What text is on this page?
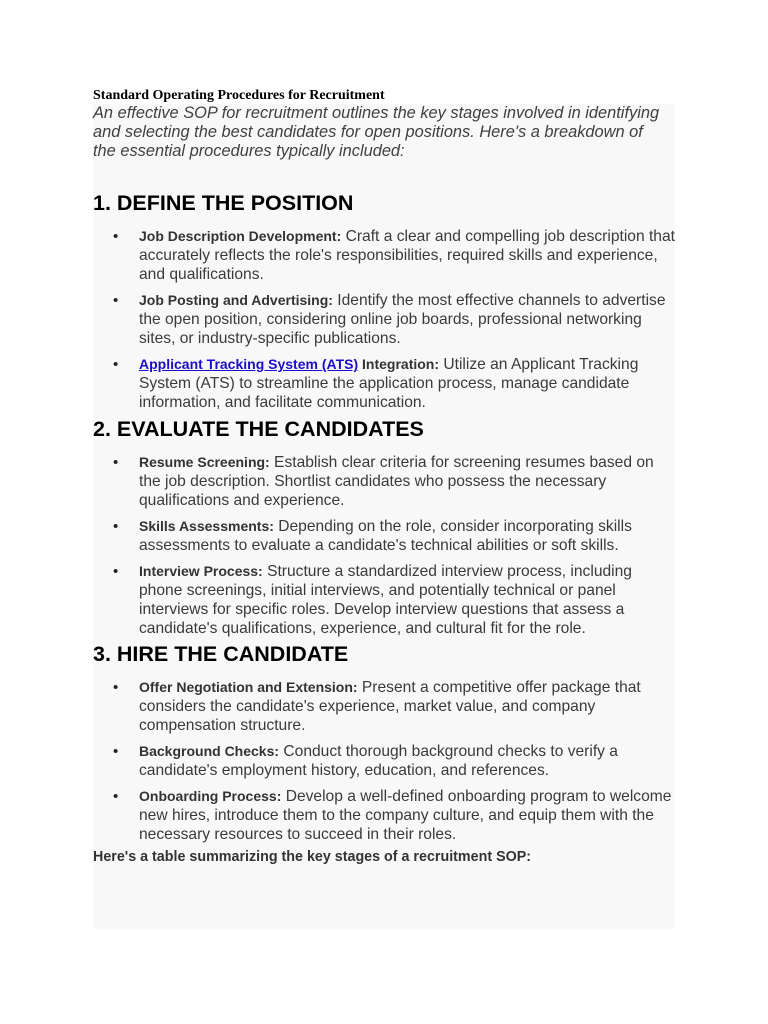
Standard Operating Procedures for Recruitment

An effective SOP for recruitment outlines the key stages involved in identifying and selecting the best candidates for open positions. Here's a breakdown of the essential procedures typically included:

1. DEFINE THE POSITION
• Job Description Development: Craft a clear and compelling job description that accurately reflects the role's responsibilities, required skills and experience, and qualifications.
• Job Posting and Advertising: Identify the most effective channels to advertise the open position, considering online job boards, professional networking sites, or industry-specific publications.
• Applicant Tracking System (ATS) Integration: Utilize an Applicant Tracking System (ATS) to streamline the application process, manage candidate information, and facilitate communication.
2. EVALUATE THE CANDIDATES
• Resume Screening: Establish clear criteria for screening resumes based on the job description. Shortlist candidates who possess the necessary qualifications and experience.
• Skills Assessments: Depending on the role, consider incorporating skills assessments to evaluate a candidate's technical abilities or soft skills.
• Interview Process: Structure a standardized interview process, including phone screenings, initial interviews, and potentially technical or panel interviews for specific roles. Develop interview questions that assess a candidate's qualifications, experience, and cultural fit for the role.
3. HIRE THE CANDIDATE
• Offer Negotiation and Extension: Present a competitive offer package that considers the candidate's experience, market value, and company compensation structure.
• Background Checks: Conduct thorough background checks to verify a candidate's employment history, education, and references.
• Onboarding Process: Develop a well-defined onboarding program to welcome new hires, introduce them to the company culture, and equip them with the necessary resources to succeed in their roles.

Here's a table summarizing the key stages of a recruitment SOP:
